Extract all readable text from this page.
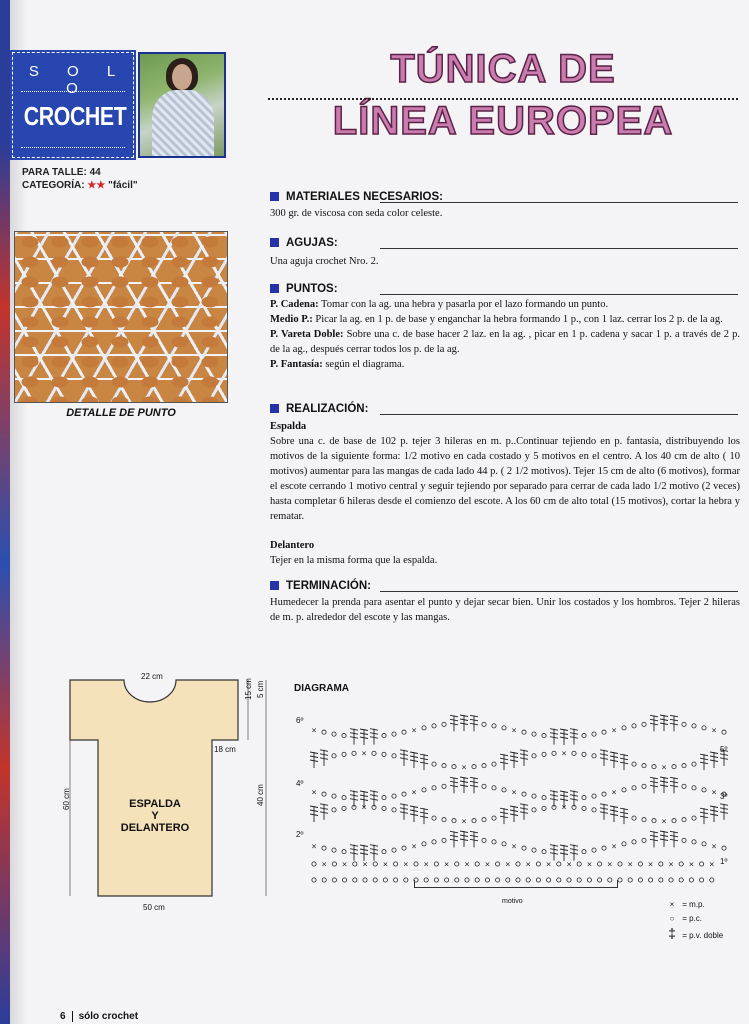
S O L O
CROCHET
PARA TALLE: 44
CATEGORÍA: ★★ "fácil"
TÚNICA DE
LÍNEA EUROPEA
DETALLE DE PUNTO
MATERIALES NECESARIOS:
300 gr. de viscosa con seda color celeste.
AGUJAS:
Una aguja crochet Nro. 2.
PUNTOS:
P. Cadena: Tomar con la ag. una hebra y pasarla por el lazo formando un punto.
Medio P.: Picar la ag. en 1 p. de base y enganchar la hebra formando 1 p., con 1 laz. cerrar los 2 p. de la ag.
P. Vareta Doble: Sobre una c. de base hacer 2 laz. en la ag. , picar en 1 p. cadena y sacar 1 p. a través de 2 p. de la ag., después cerrar todos los p. de la ag.
P. Fantasía: según el diagrama.
REALIZACIÓN:
Espalda
Sobre una c. de base de 102 p. tejer 3 hileras en m. p..Continuar tejiendo en p. fantasía, distribuyendo los motivos de la siguiente forma: 1/2 motivo en cada costado y 5 motivos en el centro. A los 40 cm de alto ( 10 motivos) aumentar para las mangas de cada lado 44 p. ( 2 1/2 motivos). Tejer 15 cm de alto (6 motivos), formar el escote cerrando 1 motivo central y seguir tejiendo por separado para cerrar de cada lado 1/2 motivo (2 veces) hasta completar 6 hileras desde el comienzo del escote. A los 60 cm de alto total (15 motivos), cortar la hebra y rematar.
Delantero
Tejer en la misma forma que la espalda.
TERMINACIÓN:
Humedecer la prenda para asentar el punto y dejar secar bien. Unir los costados y los hombros. Tejer 2 hileras de m. p. alrededor del escote y las mangas.
22 cm
15 cm 5 cm
18 cm
40 cm
60 cm
50 cm
ESPALDA
Y
DELANTERO
DIAGRAMA
× × × × × × × × × × × × × × × × × × × ×
×	×	×	×	×
×
×
×
×
×	×	×	×	×
×
×
×
×
×	×	×	×	×
6º
5º
4º
3º
2º
1º
motivo	× = m.p.
○ = p.c.
‡ = p.v. doble
6 sólo crochet
